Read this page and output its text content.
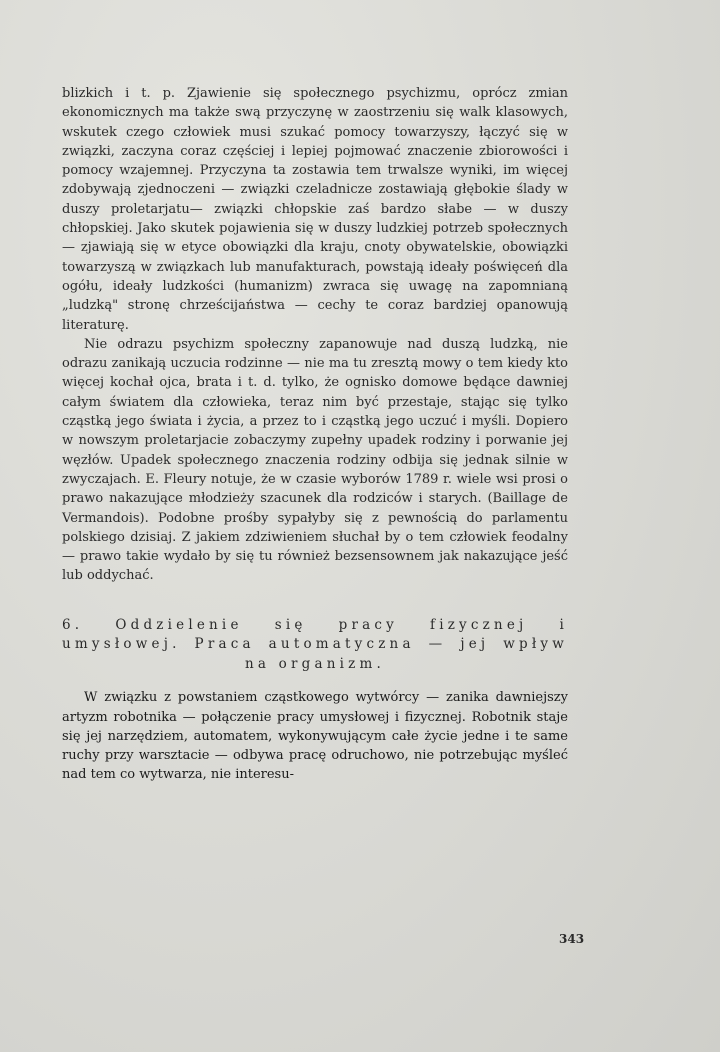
blizkich i t. p. Zjawienie się społecznego psychizmu, oprócz zmian ekonomicznych ma także swą przyczynę w zaostrzeniu się walk klasowych, wskutek czego człowiek musi szukać pomocy towarzyszy, łączyć się w związki, zaczyna coraz częściej i lepiej pojmować znaczenie zbiorowości i pomocy wzajemnej. Przyczyna ta zostawia tem trwalsze wyniki, im więcej zdobywają zjednoczeni — związki czeladnicze zostawiają głębokie ślady w duszy proletarjatu— związki chłopskie zaś bardzo słabe — w duszy chłopskiej. Jako skutek pojawienia się w duszy ludzkiej potrzeb społecznych — zjawiają się w etyce obowiązki dla kraju, cnoty obywatelskie, obowiązki towarzyszą w związkach lub manufakturach, powstają ideały poświęceń dla ogółu, ideały ludzkości (humanizm) zwraca się uwagę na zapomnianą „ludzką" stronę chrześcijaństwa — cechy te coraz bardziej opanowują literaturę.

Nie odrazu psychizm społeczny zapanowuje nad duszą ludzką, nie odrazu zanikają uczucia rodzinne — nie ma tu zresztą mowy o tem kiedy kto więcej kochał ojca, brata i t. d. tylko, że ognisko domowe będące dawniej całym światem dla człowieka, teraz nim być przestaje, stając się tylko cząstką jego świata i życia, a przez to i cząstką jego uczuć i myśli. Dopiero w nowszym proletarjacie zobaczymy zupełny upadek rodziny i porwanie jej węzłów. Upadek społecznego znaczenia rodziny odbija się jednak silnie w zwyczajach. E. Fleury notuje, że w czasie wyborów 1789 r. wiele wsi prosi o prawo nakazujące młodzieży szacunek dla rodziców i starych. (Baillage de Vermandois). Podobne prośby sypałyby się z pewnością do parlamentu polskiego dzisiaj. Z jakiem zdziwieniem słuchał by o tem człowiek feodalny — prawo takie wydało by się tu również bezsensownem jak nakazujące jeść lub oddychać.

6. Oddzielenie się pracy fizycznej i umysłowej. Praca automatyczna — jej wpływ na organizm.

W związku z powstaniem cząstkowego wytwórcy — zanika dawniejszy artyzm robotnika — połączenie pracy umysłowej i fizycznej. Robotnik staje się jej narzędziem, automatem, wykonywującym całe życie jedne i te same ruchy przy warsztacie — odbywa pracę odruchowo, nie potrzebując myśleć nad tem co wytwarza, nie interesu-

343
